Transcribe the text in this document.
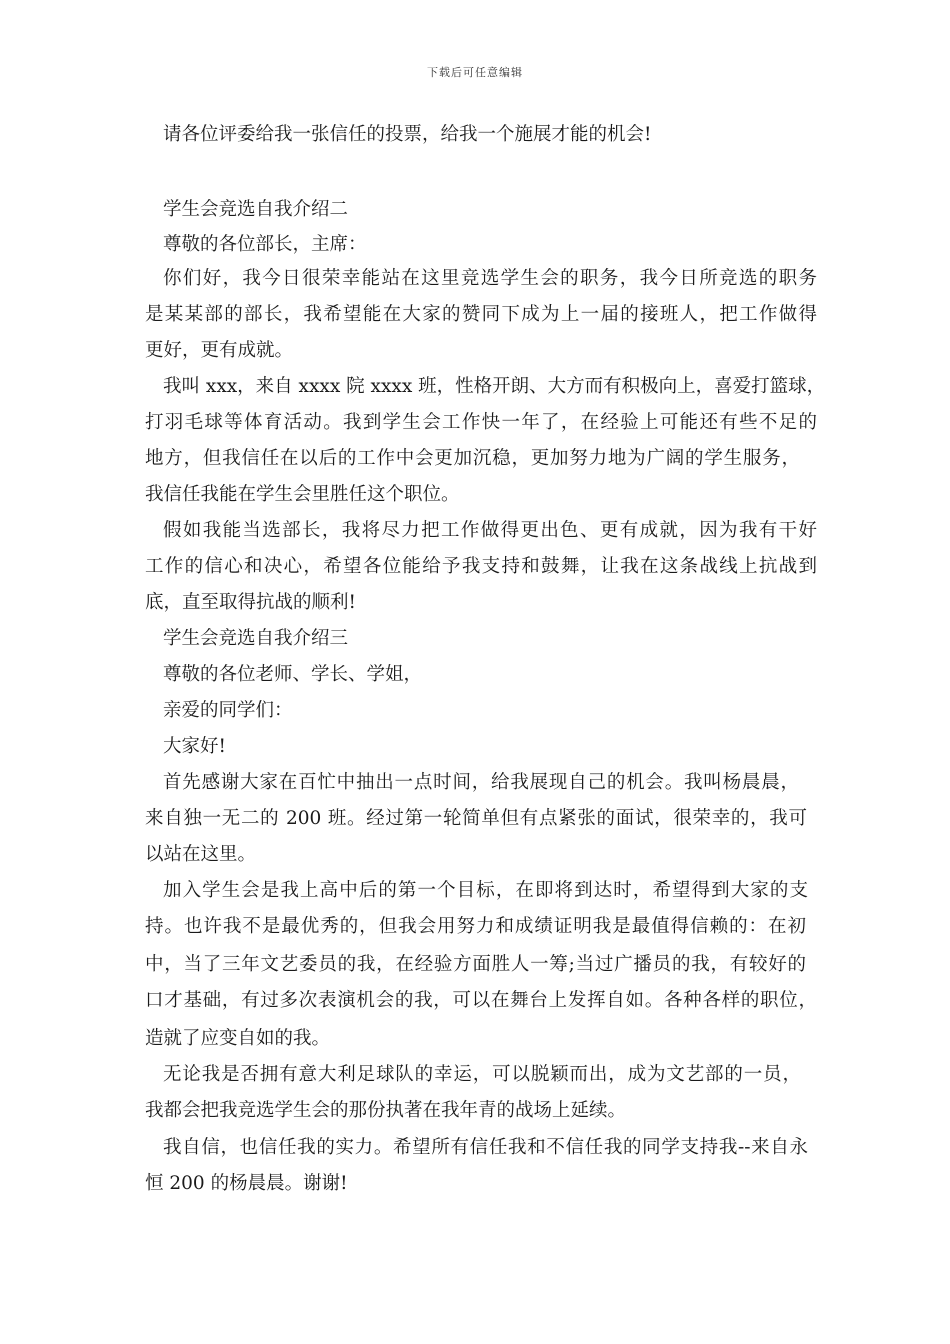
下载后可任意编辑
请各位评委给我一张信任的投票，给我一个施展才能的机会!
学生会竞选自我介绍二
尊敬的各位部长，主席：
你们好，我今日很荣幸能站在这里竞选学生会的职务，我今日所竞选的职务
是某某部的部长，我希望能在大家的赞同下成为上一届的接班人，把工作做得
更好，更有成就。
我叫 xxx，来自 xxxx 院 xxxx 班，性格开朗、大方而有积极向上，喜爱打篮球，
打羽毛球等体育活动。我到学生会工作快一年了，在经验上可能还有些不足的
地方，但我信任在以后的工作中会更加沉稳，更加努力地为广阔的学生服务，
我信任我能在学生会里胜任这个职位。
假如我能当选部长，我将尽力把工作做得更出色、更有成就，因为我有干好
工作的信心和决心，希望各位能给予我支持和鼓舞，让我在这条战线上抗战到
底，直至取得抗战的顺利!
学生会竞选自我介绍三
尊敬的各位老师、学长、学姐，
亲爱的同学们：
大家好!
首先感谢大家在百忙中抽出一点时间，给我展现自己的机会。我叫杨晨晨，
来自独一无二的 200 班。经过第一轮简单但有点紧张的面试，很荣幸的，我可
以站在这里。
加入学生会是我上高中后的第一个目标，在即将到达时，希望得到大家的支
持。也许我不是最优秀的，但我会用努力和成绩证明我是最值得信赖的：在初
中，当了三年文艺委员的我，在经验方面胜人一筹;当过广播员的我，有较好的
口才基础，有过多次表演机会的我，可以在舞台上发挥自如。各种各样的职位，
造就了应变自如的我。
无论我是否拥有意大利足球队的幸运，可以脱颖而出，成为文艺部的一员，
我都会把我竞选学生会的那份执著在我年青的战场上延续。
我自信，也信任我的实力。希望所有信任我和不信任我的同学支持我--来自永
恒 200 的杨晨晨。谢谢!
